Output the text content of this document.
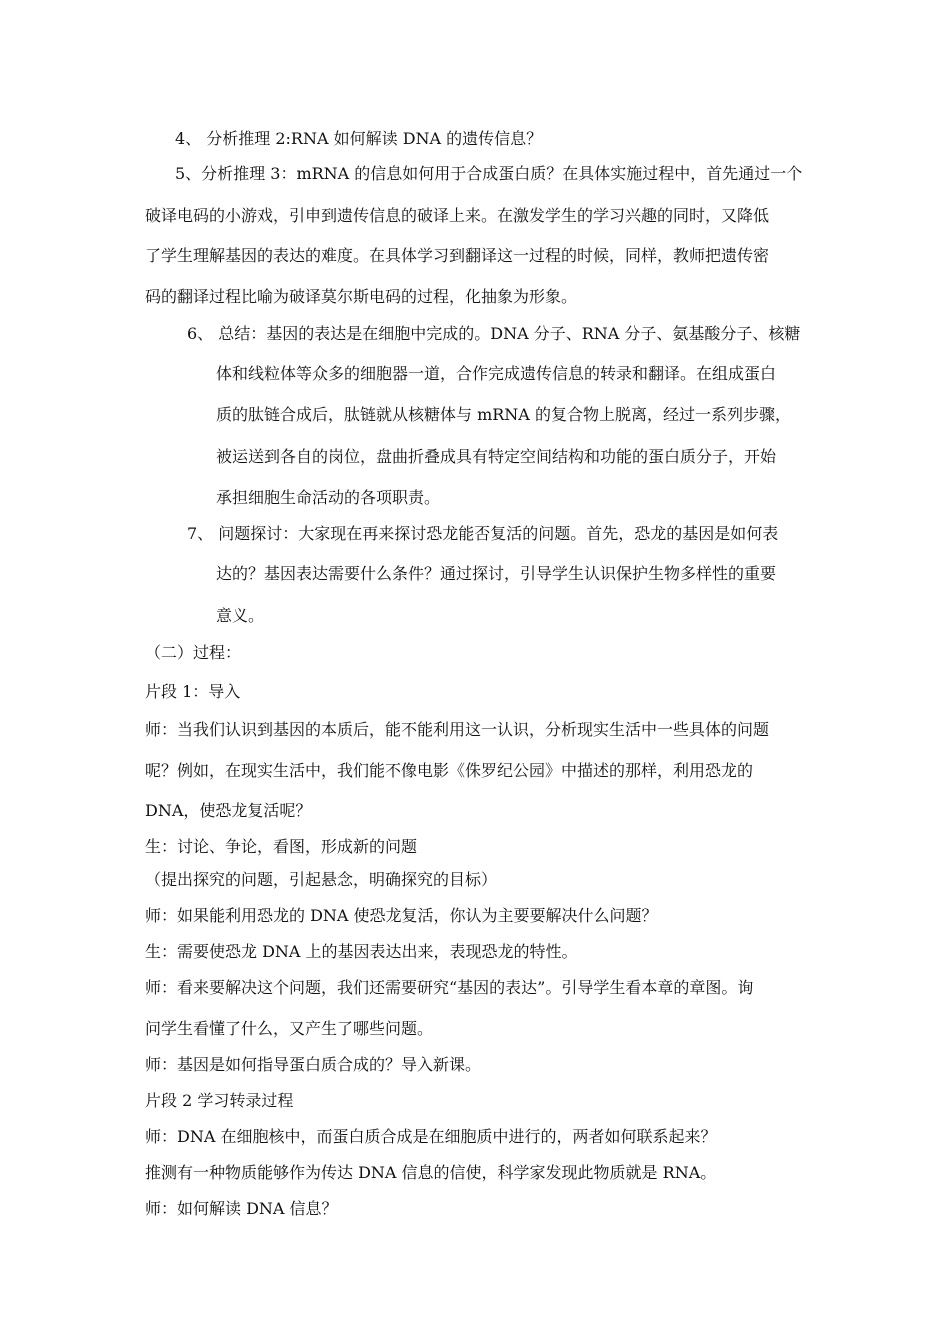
4、 分析推理 2:RNA 如何解读 DNA 的遗传信息？
5、分析推理 3：mRNA 的信息如何用于合成蛋白质？在具体实施过程中，首先通过一个
破译电码的小游戏，引申到遗传信息的破译上来。在激发学生的学习兴趣的同时，又降低
了学生理解基因的表达的难度。在具体学习到翻译这一过程的时候，同样，教师把遗传密
码的翻译过程比喻为破译莫尔斯电码的过程，化抽象为形象。
6、 总结：基因的表达是在细胞中完成的。DNA 分子、RNA 分子、氨基酸分子、核糖
体和线粒体等众多的细胞器一道，合作完成遗传信息的转录和翻译。在组成蛋白
质的肽链合成后，肽链就从核糖体与 mRNA 的复合物上脱离，经过一系列步骤，
被运送到各自的岗位，盘曲折叠成具有特定空间结构和功能的蛋白质分子，开始
承担细胞生命活动的各项职责。
7、 问题探讨：大家现在再来探讨恐龙能否复活的问题。首先，恐龙的基因是如何表
达的？基因表达需要什么条件？通过探讨，引导学生认识保护生物多样性的重要
意义。
（二）过程：
片段 1：导入
师：当我们认识到基因的本质后，能不能利用这一认识，分析现实生活中一些具体的问题
呢？例如，在现实生活中，我们能不像电影《侏罗纪公园》中描述的那样，利用恐龙的
DNA，使恐龙复活呢？
生：讨论、争论，看图，形成新的问题
（提出探究的问题，引起悬念，明确探究的目标）
师：如果能利用恐龙的 DNA 使恐龙复活，你认为主要要解决什么问题？
生：需要使恐龙 DNA 上的基因表达出来，表现恐龙的特性。
师：看来要解决这个问题，我们还需要研究“基因的表达”。引导学生看本章的章图。询
问学生看懂了什么，又产生了哪些问题。
师：基因是如何指导蛋白质合成的？导入新课。
片段 2 学习转录过程
师：DNA 在细胞核中，而蛋白质合成是在细胞质中进行的，两者如何联系起来？
推测有一种物质能够作为传达 DNA 信息的信使，科学家发现此物质就是 RNA。
师：如何解读 DNA 信息？
